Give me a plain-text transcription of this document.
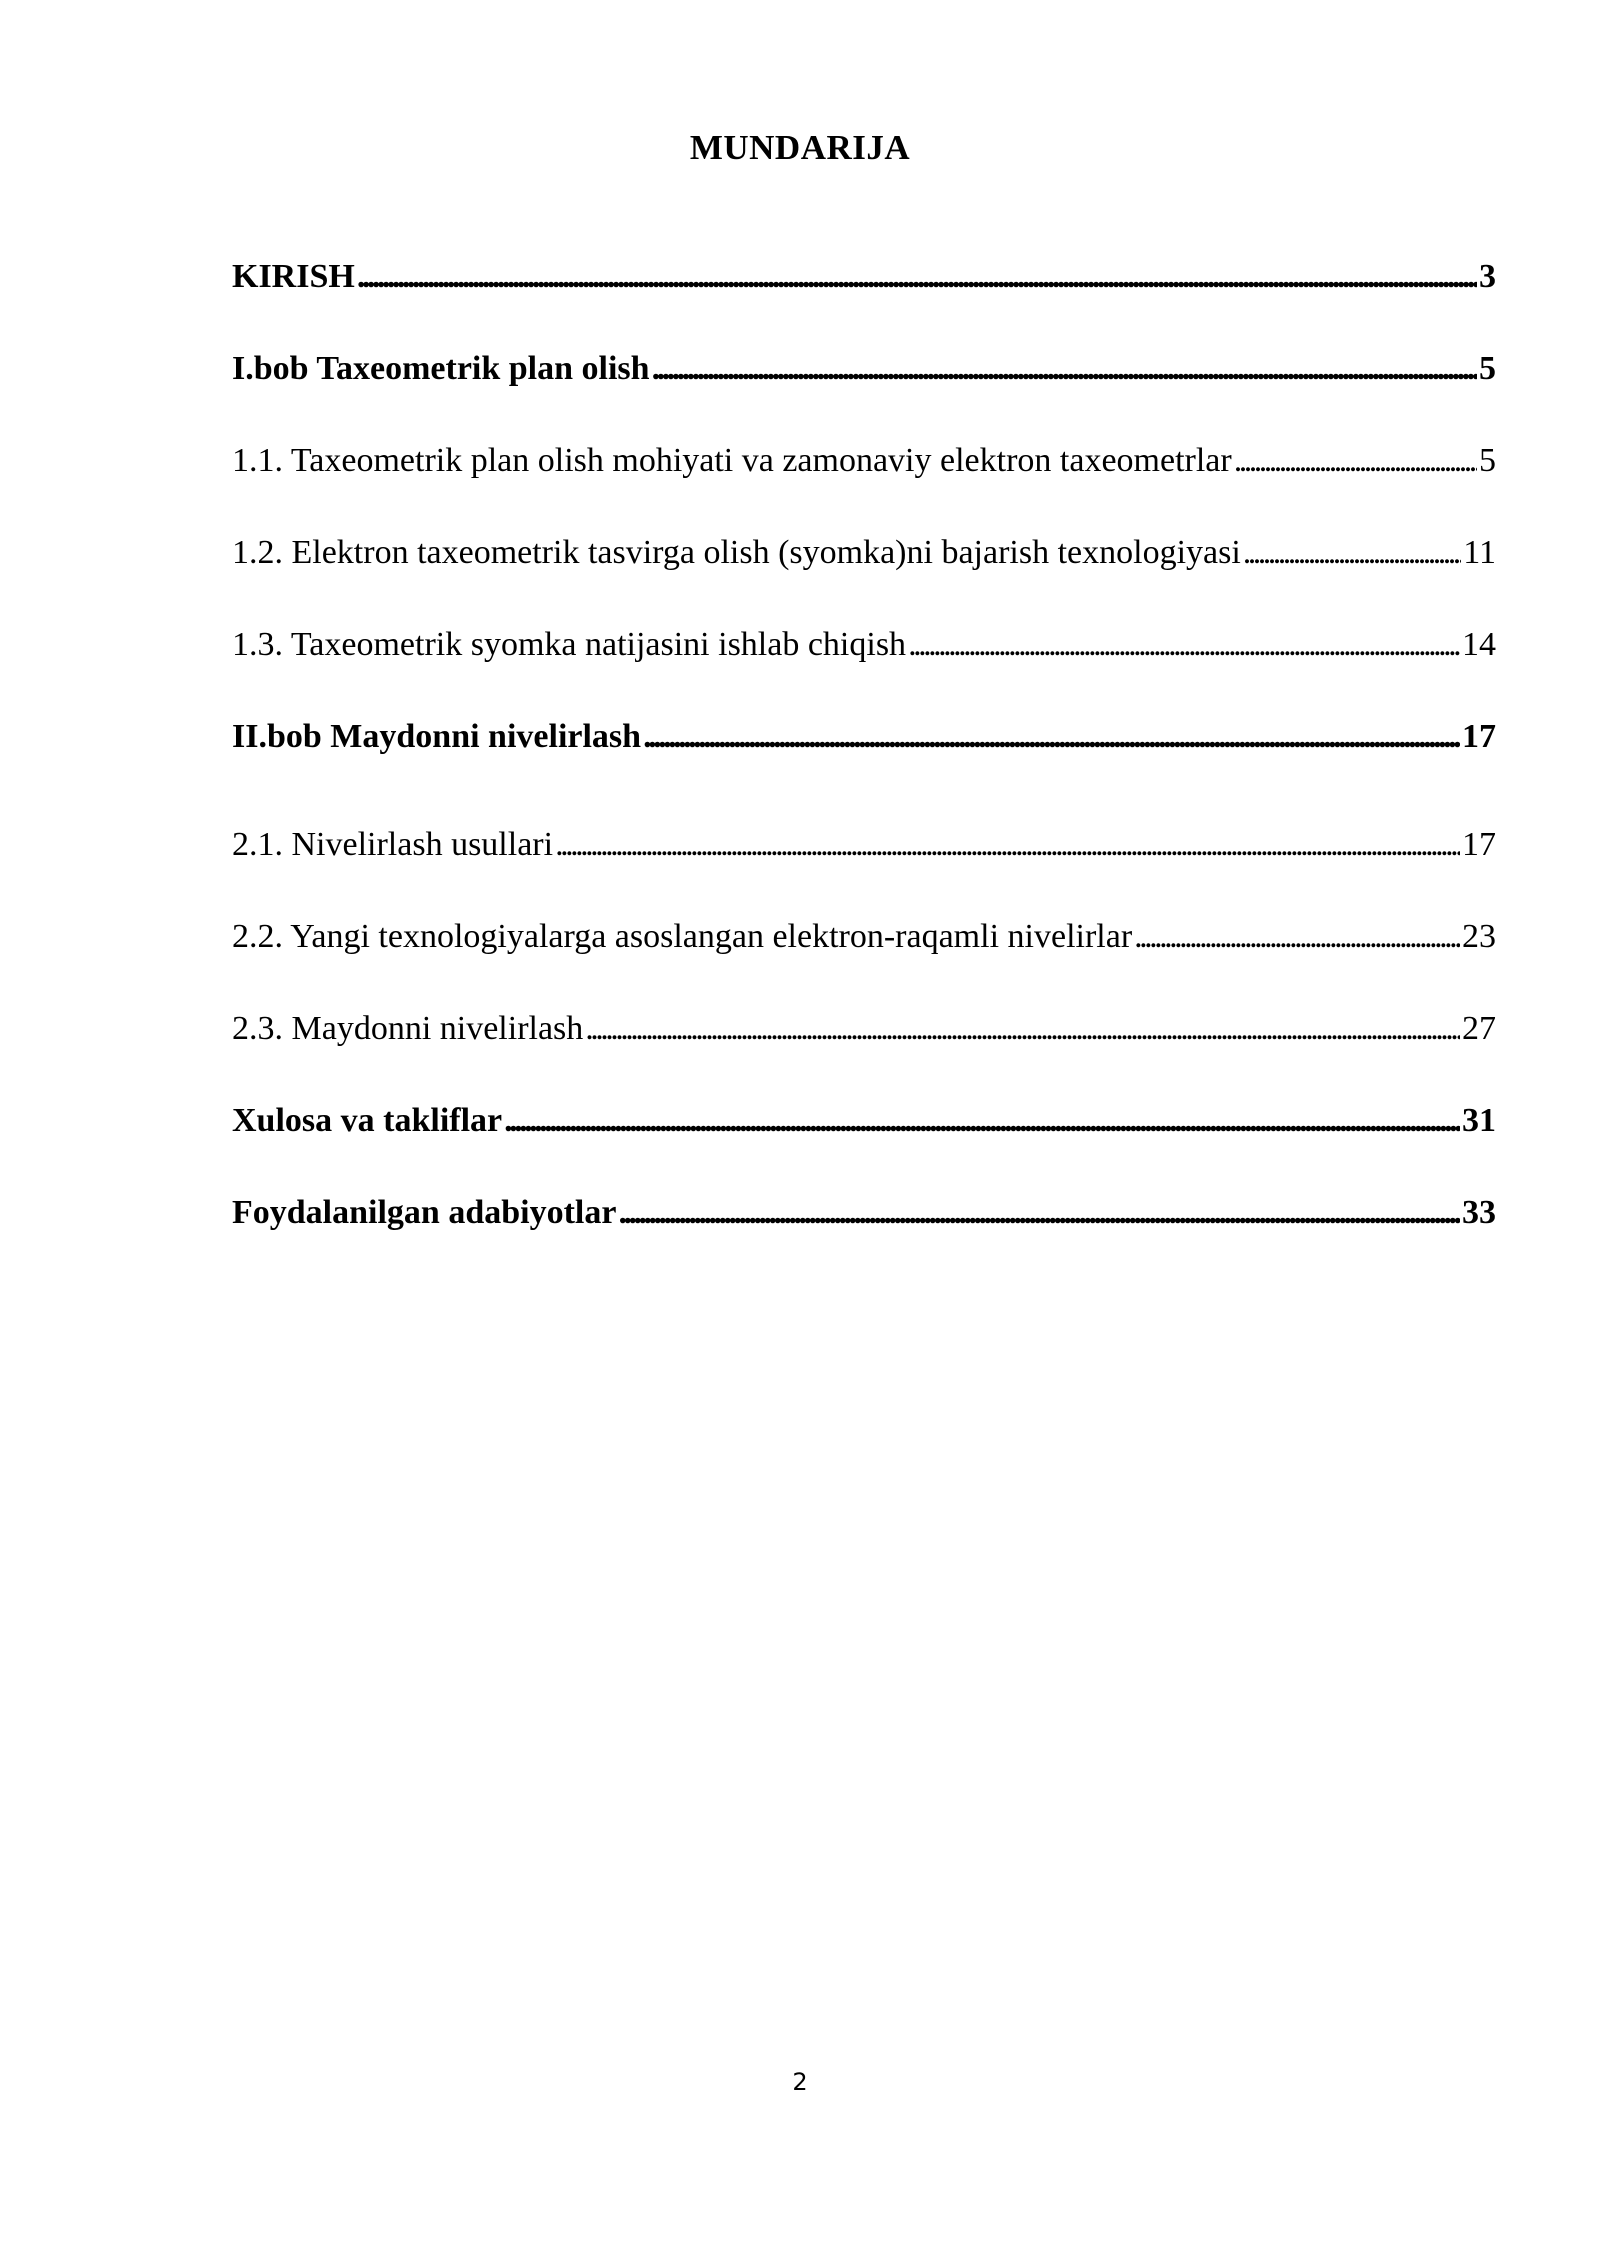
MUNDARIJA
KIRISH . . .	3
I.bob Taxeometrik plan olish . . .	5
1.1. Taxeometrik plan olish mohiyati va zamonaviy elektron taxeometrlar . . .	5
1.2. Elektron taxeometrik tasvirga olish (syomka)ni bajarish texnologiyasi . . .	11
1.3. Taxeometrik syomka natijasini ishlab chiqish . . .	14
II.bob Maydonni nivelirlash . . .	17
2.1. Nivelirlash usullari . . .	17
2.2. Yangi texnologiyalarga asoslangan elektron-raqamli nivelirlar . . .	23
2.3. Maydonni nivelirlash . . .	27
Xulosa va takliflar . . .	31
Foydalanilgan adabiyotlar . . .	33
2
